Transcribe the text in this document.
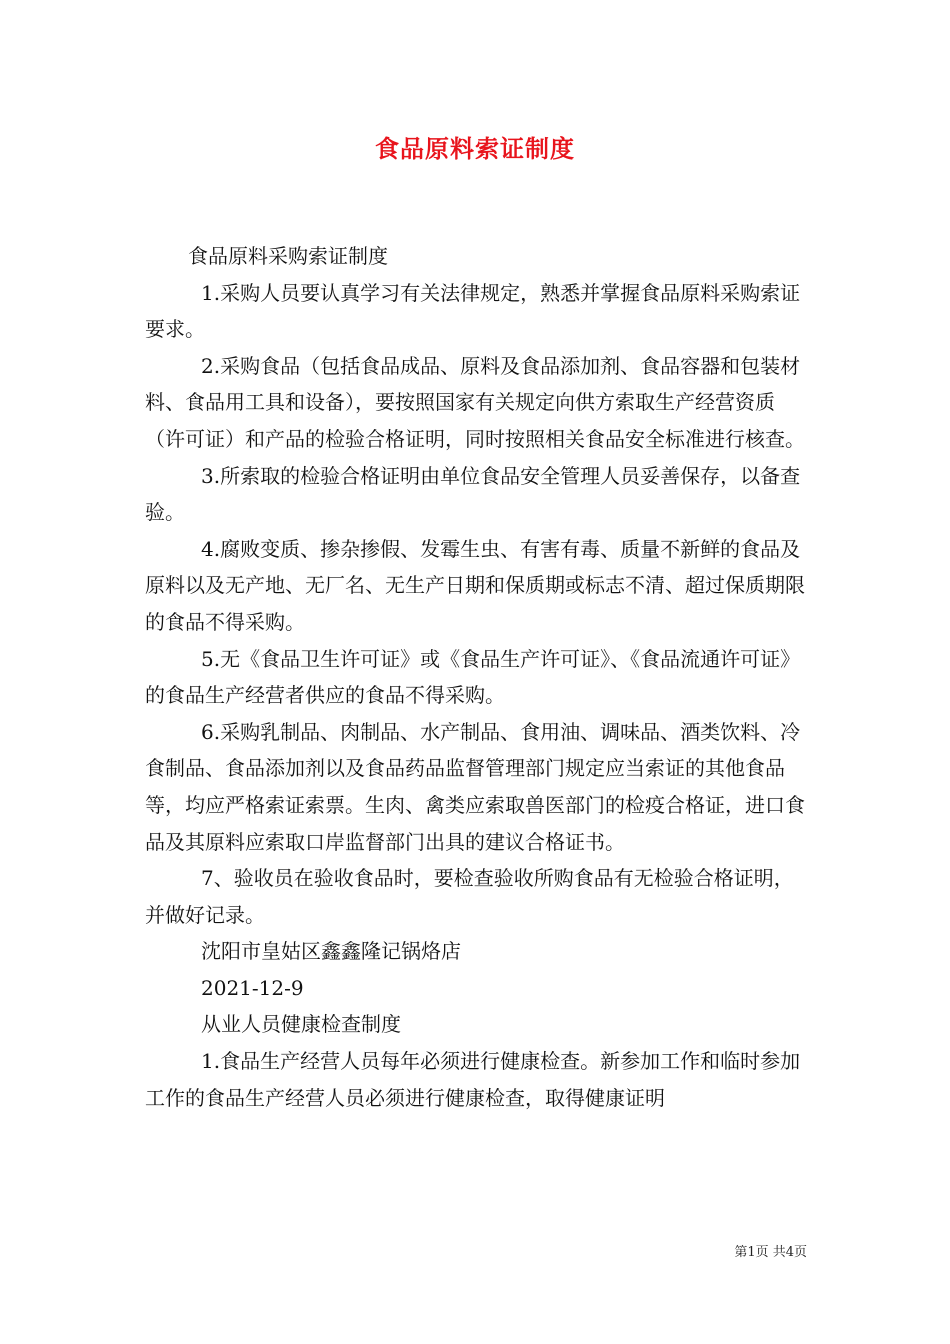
食品原料索证制度

食品原料采购索证制度

1.采购人员要认真学习有关法律规定，熟悉并掌握食品原料采购索证要求。

2.采购食品（包括食品成品、原料及食品添加剂、食品容器和包装材料、食品用工具和设备），要按照国家有关规定向供方索取生产经营资质（许可证）和产品的检验合格证明，同时按照相关食品安全标准进行核查。

3.所索取的检验合格证明由单位食品安全管理人员妥善保存，以备查验。

4.腐败变质、掺杂掺假、发霉生虫、有害有毒、质量不新鲜的食品及原料以及无产地、无厂名、无生产日期和保质期或标志不清、超过保质期限的食品不得采购。

5.无《食品卫生许可证》或《食品生产许可证》、《食品流通许可证》的食品生产经营者供应的食品不得采购。

6.采购乳制品、肉制品、水产制品、食用油、调味品、酒类饮料、冷食制品、食品添加剂以及食品药品监督管理部门规定应当索证的其他食品等，均应严格索证索票。生肉、禽类应索取兽医部门的检疫合格证，进口食品及其原料应索取口岸监督部门出具的建议合格证书。

7、验收员在验收食品时，要检查验收所购食品有无检验合格证明，并做好记录。

沈阳市皇姑区鑫鑫隆记锅烙店

2021-12-9

从业人员健康检查制度

1.食品生产经营人员每年必须进行健康检查。新参加工作和临时参加工作的食品生产经营人员必须进行健康检查，取得健康证明

第1页 共4页
